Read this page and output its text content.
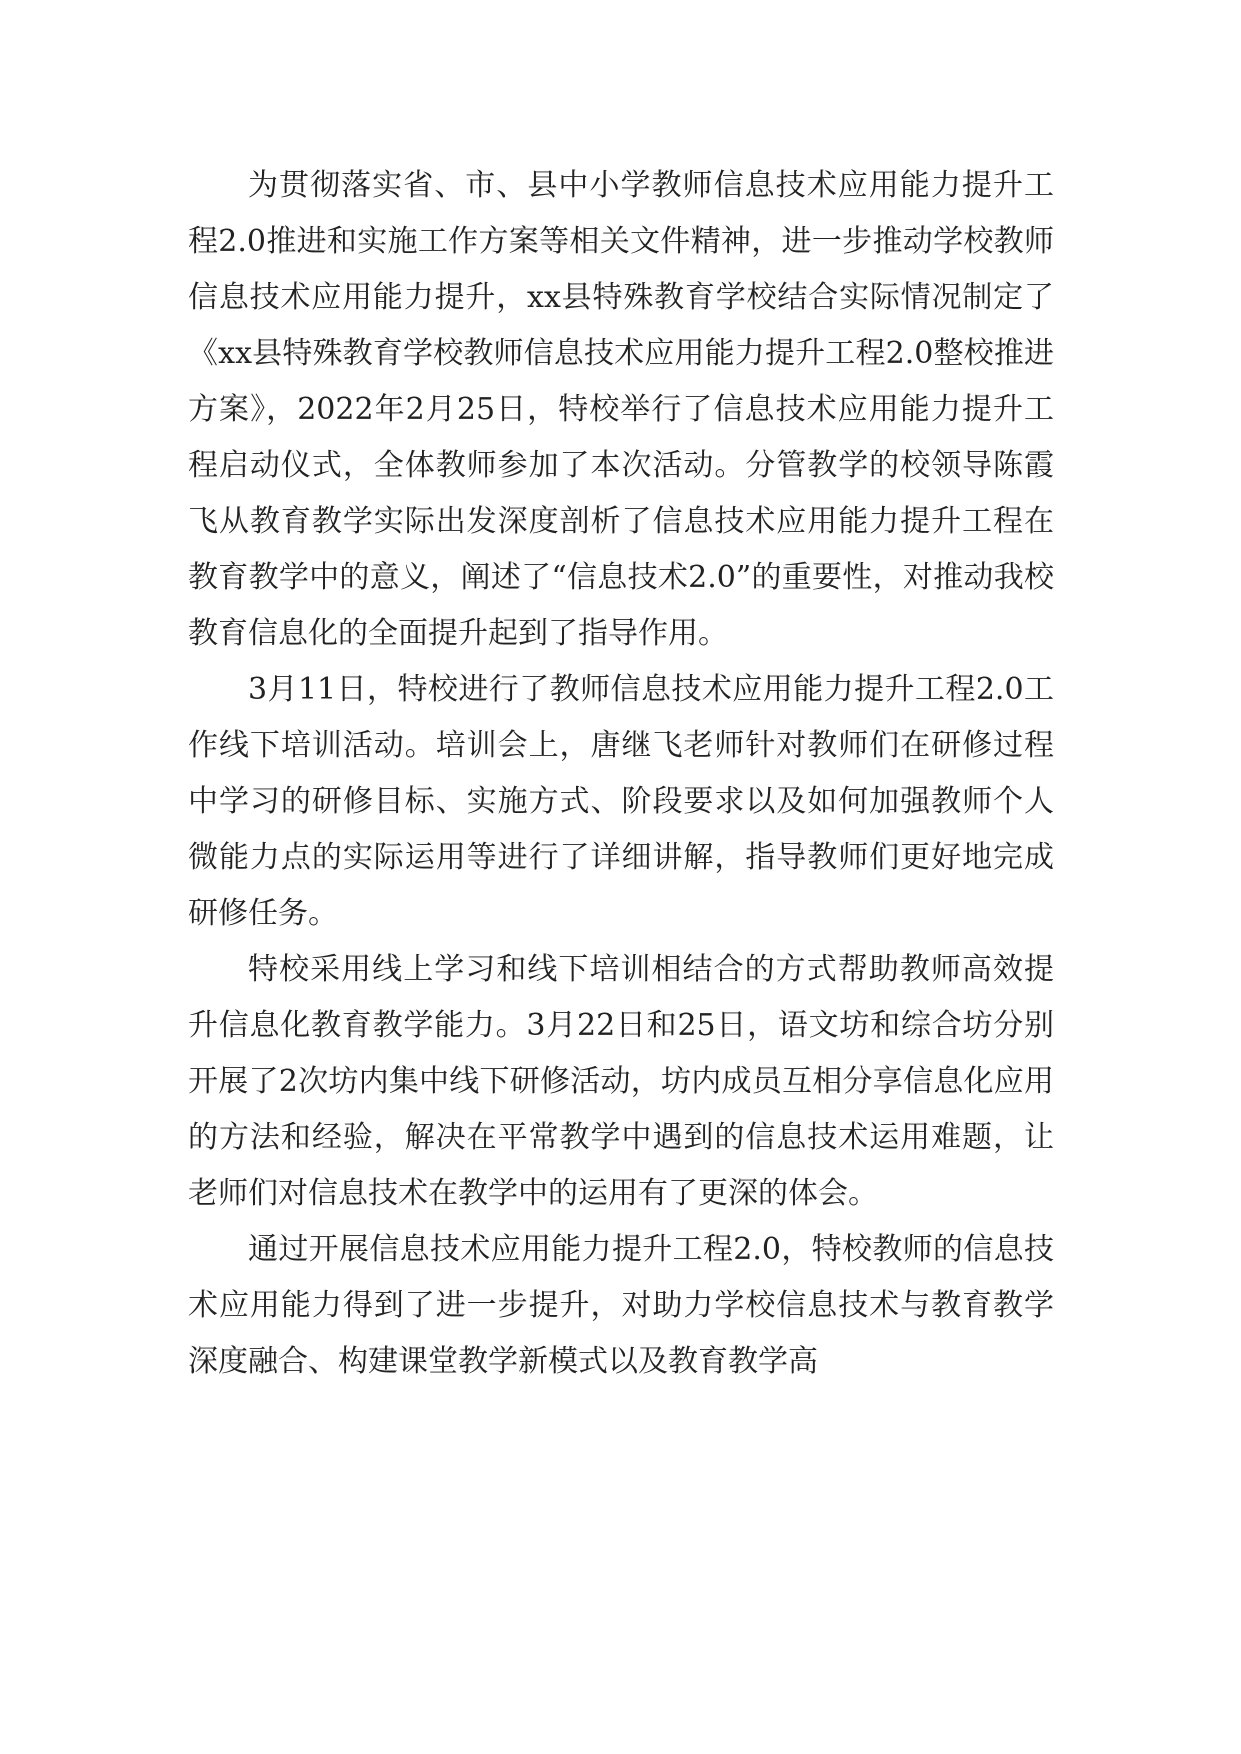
为贯彻落实省、市、县中小学教师信息技术应用能力提升工程2.0推进和实施工作方案等相关文件精神，进一步推动学校教师信息技术应用能力提升，xx县特殊教育学校结合实际情况制定了《xx县特殊教育学校教师信息技术应用能力提升工程2.0整校推进方案》，2022年2月25日，特校举行了信息技术应用能力提升工程启动仪式，全体教师参加了本次活动。分管教学的校领导陈霞飞从教育教学实际出发深度剖析了信息技术应用能力提升工程在教育教学中的意义，阐述了“信息技术2.0”的重要性，对推动我校教育信息化的全面提升起到了指导作用。

3月11日，特校进行了教师信息技术应用能力提升工程2.0工作线下培训活动。培训会上，唐继飞老师针对教师们在研修过程中学习的研修目标、实施方式、阶段要求以及如何加强教师个人微能力点的实际运用等进行了详细讲解，指导教师们更好地完成研修任务。

特校采用线上学习和线下培训相结合的方式帮助教师高效提升信息化教育教学能力。3月22日和25日，语文坊和综合坊分别开展了2次坊内集中线下研修活动，坊内成员互相分享信息化应用的方法和经验，解决在平常教学中遇到的信息技术运用难题，让老师们对信息技术在教学中的运用有了更深的体会。

通过开展信息技术应用能力提升工程2.0，特校教师的信息技术应用能力得到了进一步提升，对助力学校信息技术与教育教学深度融合、构建课堂教学新模式以及教育教学高
